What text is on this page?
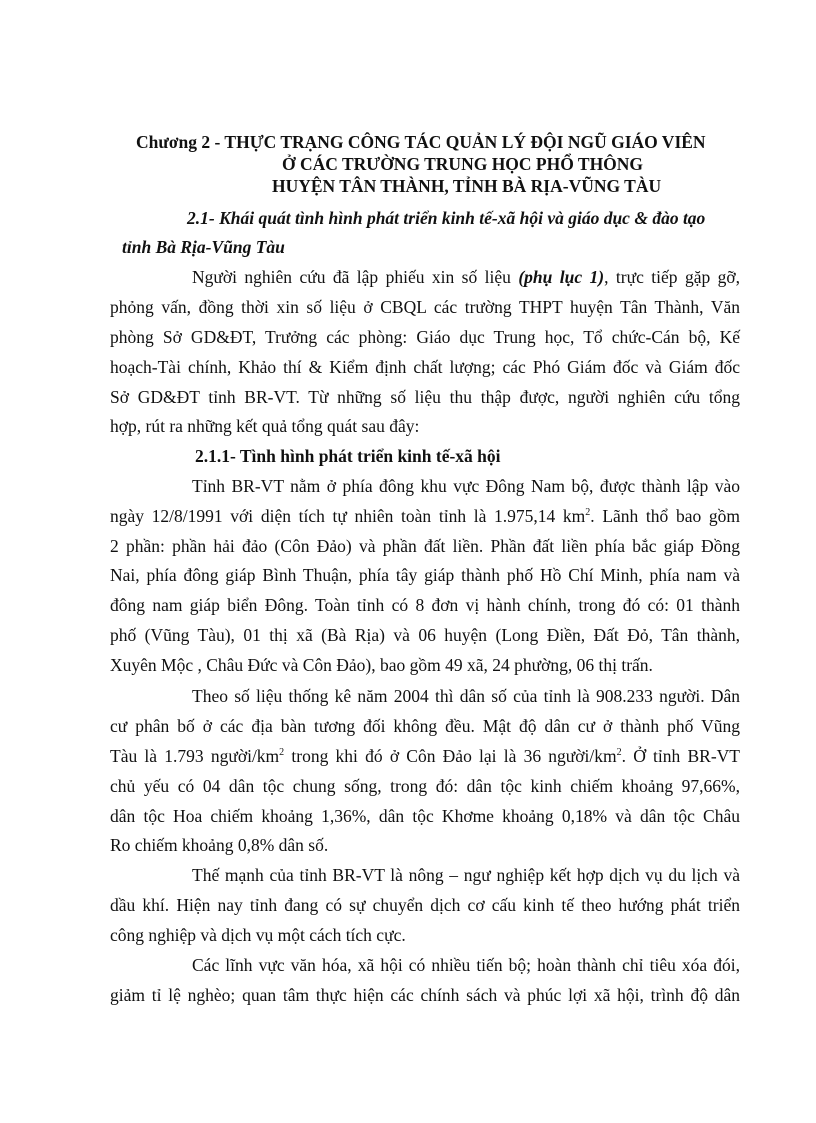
Chương 2 - THỰC TRẠNG CÔNG TÁC QUẢN LÝ ĐỘI NGŨ GIÁO VIÊN
Ở CÁC TRƯỜNG TRUNG HỌC PHỔ THÔNG
HUYỆN TÂN THÀNH, TỈNH BÀ RỊA-VŨNG TÀU
2.1- Khái quát tình hình phát triển kinh tế-xã hội và giáo dục & đào tạo
tỉnh Bà Rịa-Vũng Tàu
Người nghiên cứu đã lập phiếu xin số liệu (phụ lục 1), trực tiếp gặp gỡ,
phỏng vấn, đồng thời xin số liệu ở CBQL các trường THPT huyện Tân Thành, Văn
phòng Sở GD&ĐT, Trưởng các phòng: Giáo dục Trung học, Tổ chức-Cán bộ, Kế
hoạch-Tài chính, Khảo thí & Kiểm định chất lượng; các Phó Giám đốc và Giám đốc
Sở GD&ĐT tỉnh BR-VT. Từ những số liệu thu thập được, người nghiên cứu tổng
hợp, rút ra những kết quả tổng quát sau đây:
2.1.1- Tình hình phát triển kinh tế-xã hội
Tỉnh BR-VT nằm ở phía đông khu vực Đông Nam bộ, được thành lập vào
ngày 12/8/1991 với diện tích tự nhiên toàn tỉnh là 1.975,14 $km^2$. Lãnh thổ bao gồm
2 phần: phần hải đảo (Côn Đảo) và phần đất liền. Phần đất liền phía bắc giáp Đồng
Nai, phía đông giáp Bình Thuận, phía tây giáp thành phố Hồ Chí Minh, phía nam và
đông nam giáp biển Đông. Toàn tỉnh có 8 đơn vị hành chính, trong đó có: 01 thành
phố (Vũng Tàu), 01 thị xã (Bà Rịa) và 06 huyện (Long Điền, Đất Đỏ, Tân thành,
Xuyên Mộc , Châu Đức và Côn Đảo), bao gồm 49 xã, 24 phường, 06 thị trấn.
Theo số liệu thống kê năm 2004 thì dân số của tỉnh là 908.233 người. Dân
cư phân bố ở các địa bàn tương đối không đều. Mật độ dân cư ở thành phố Vũng
Tàu là 1.793 người/$km^2$ trong khi đó ở Côn Đảo lại là 36 người/$km^2$. Ở tỉnh BR-VT
chủ yếu có 04 dân tộc chung sống, trong đó: dân tộc kinh chiếm khoảng 97,66%,
dân tộc Hoa chiếm khoảng 1,36%, dân tộc Khơme khoảng 0,18% và dân tộc Châu
Ro chiếm khoảng 0,8% dân số.
Thế mạnh của tỉnh BR-VT là nông – ngư nghiệp kết hợp dịch vụ du lịch và
dầu khí. Hiện nay tỉnh đang có sự chuyển dịch cơ cấu kinh tế theo hướng phát triển
công nghiệp và dịch vụ một cách tích cực.
Các lĩnh vực văn hóa, xã hội có nhiều tiến bộ; hoàn thành chỉ tiêu xóa đói,
giảm tỉ lệ nghèo; quan tâm thực hiện các chính sách và phúc lợi xã hội, trình độ dân
